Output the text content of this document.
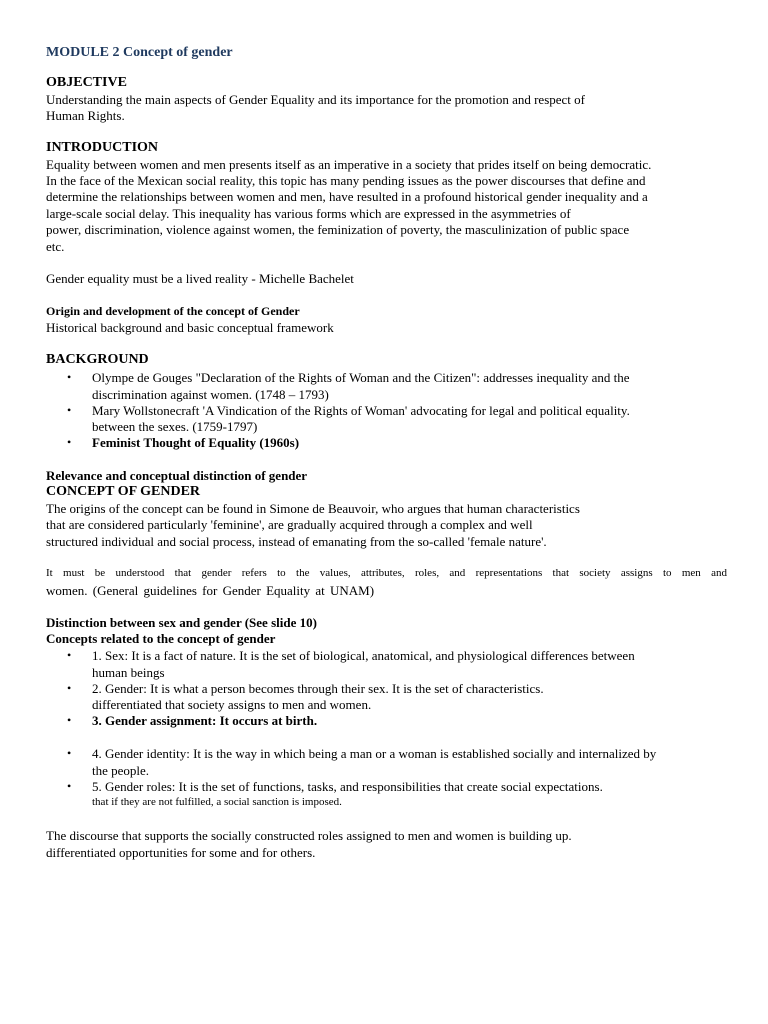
MODULE 2 Concept of gender

OBJECTIVE

Understanding the main aspects of Gender Equality and its importance for the promotion and respect of

Human Rights.

INTRODUCTION

Equality between women and men presents itself as an imperative in a society that prides itself on being democratic.

In the face of the Mexican social reality, this topic has many pending issues as the power discourses that define and

determine the relationships between women and men, have resulted in a profound historical gender inequality and a

large-scale social delay. This inequality has various forms which are expressed in the asymmetries of

power, discrimination, violence against women, the feminization of poverty, the masculinization of public space

etc.

Gender equality must be a lived reality - Michelle Bachelet

Origin and development of the concept of Gender

Historical background and basic conceptual framework

BACKGROUND

• Olympe de Gouges "Declaration of the Rights of Woman and the Citizen": addresses inequality and the

discrimination against women. (1748 – 1793)

• Mary Wollstonecraft 'A Vindication of the Rights of Woman' advocating for legal and political equality.

between the sexes. (1759-1797)

• Feminist Thought of Equality (1960s)

Relevance and conceptual distinction of gender

CONCEPT OF GENDER

The origins of the concept can be found in Simone de Beauvoir, who argues that human characteristics

that are considered particularly 'feminine', are gradually acquired through a complex and well

structured individual and social process, instead of emanating from the so-called 'female nature'.

It must be understood that gender refers to the values, attributes, roles, and representations that society assigns to men and

women. (General guidelines for Gender Equality at UNAM)

Distinction between sex and gender (See slide 10)

Concepts related to the concept of gender

• 1. Sex: It is a fact of nature. It is the set of biological, anatomical, and physiological differences between

human beings

• 2. Gender: It is what a person becomes through their sex. It is the set of characteristics.

differentiated that society assigns to men and women.

• 3. Gender assignment: It occurs at birth.

• 4. Gender identity: It is the way in which being a man or a woman is established socially and internalized by

the people.

• 5. Gender roles: It is the set of functions, tasks, and responsibilities that create social expectations.

that if they are not fulfilled, a social sanction is imposed.

The discourse that supports the socially constructed roles assigned to men and women is building up.

differentiated opportunities for some and for others.
